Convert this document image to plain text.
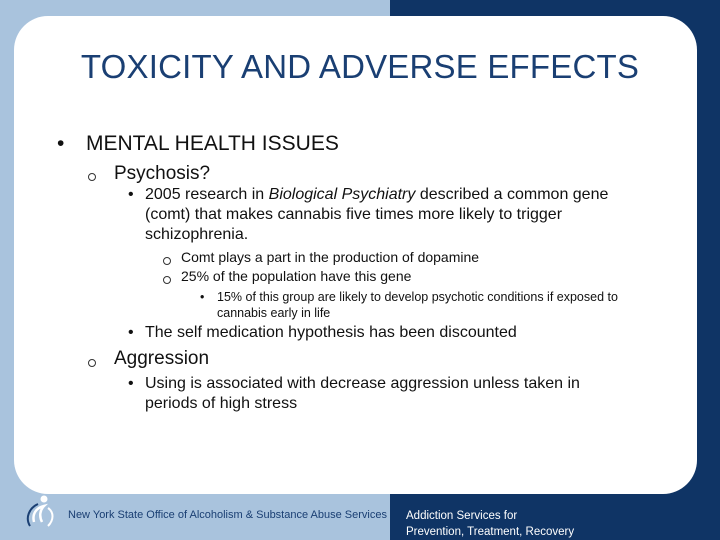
TOXICITY AND ADVERSE EFFECTS
• MENTAL HEALTH ISSUES
Psychosis?
• 2005 research in Biological Psychiatry described a common gene
(comt) that makes cannabis five times more likely to trigger
schizophrenia.
Comt plays a part in the production of dopamine
25% of the population have this gene
• 15% of this group are likely to develop psychotic conditions if exposed to
cannabis early in life
• The self medication hypothesis has been discounted
Aggression
• Using is associated with decrease aggression unless taken in
periods of high stress
New York State Office of Alcoholism & Substance Abuse Services Addiction Services for
Prevention, Treatment, Recovery
